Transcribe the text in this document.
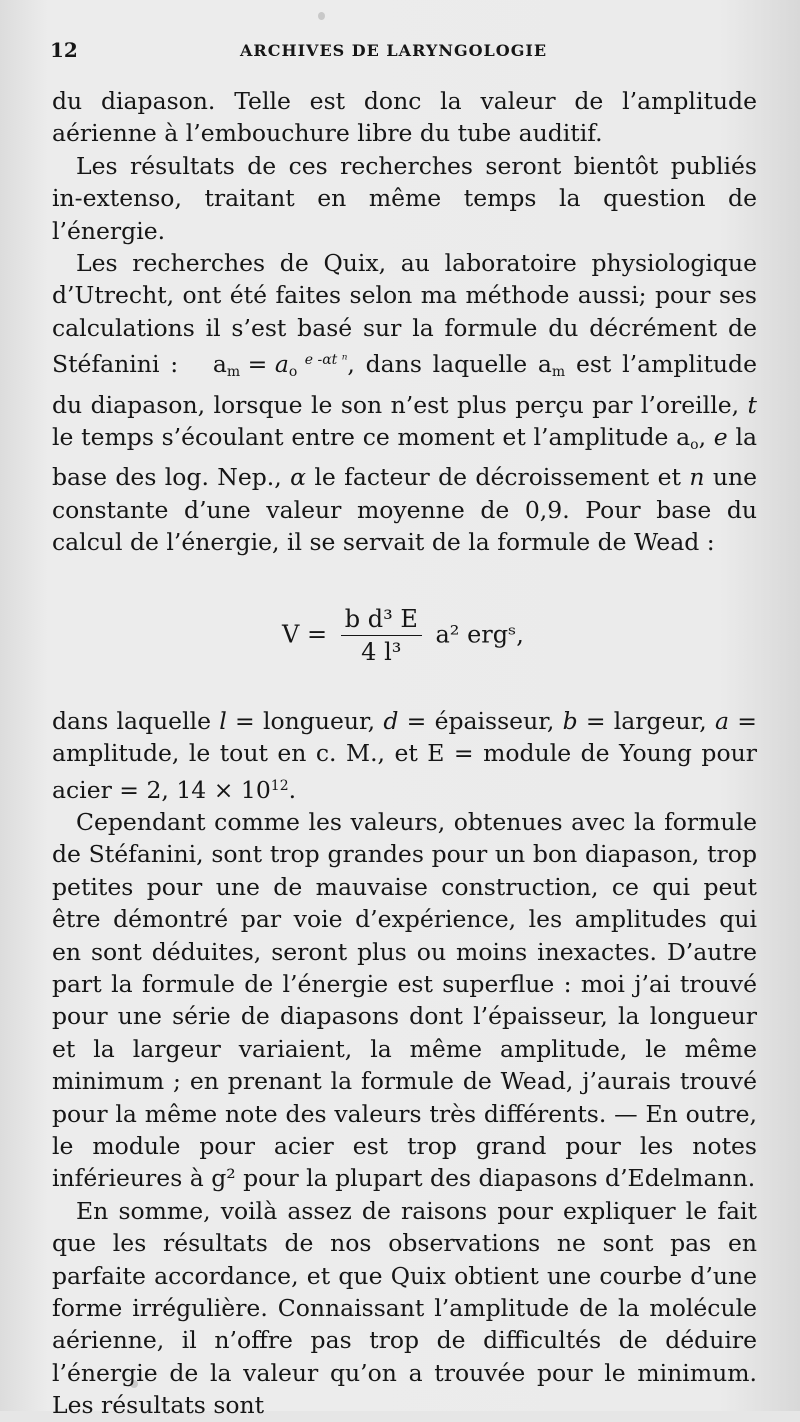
12	ARCHIVES DE LARYNGOLOGIE

du diapason. Telle est donc la valeur de l’amplitude aérienne à l’embouchure libre du tube auditif.

Les résultats de ces recherches seront bientôt publiés in-extenso, traitant en même temps la question de l’énergie.

Les recherches de Quix, au laboratoire physiologique d’Utrecht, ont été faites selon ma méthode aussi; pour ses calculations il s’est basé sur la formule du décrément de Stéfanini : $a_m = a_o$ $^{e -\alpha t ^n}$, dans laquelle $a_m$ est l’amplitude du diapason, lorsque le son n’est plus perçu par l’oreille, t le temps s’écoulant entre ce moment et l’amplitude $a_o$, e la base des log. Nep., α le facteur de décroissement et n une constante d’une valeur moyenne de 0,9. Pour base du calcul de l’énergie, il se servait de la formule de Wead :

$V = \frac{\text{b d³ E}}{\text{4 l³}} a^2$ ergˢ,

dans laquelle l = longueur, d = épaisseur, b = largeur, a = amplitude, le tout en c. M., et E = module de Young pour acier = 2, $14 \times 10^{12}$.

Cependant comme les valeurs, obtenues avec la formule de Stéfanini, sont trop grandes pour un bon diapason, trop petites pour une de mauvaise construction, ce qui peut être démontré par voie d’expérience, les amplitudes qui en sont déduites, seront plus ou moins inexactes. D’autre part la formule de l’énergie est superflue : moi j’ai trouvé pour une série de diapasons dont l’épaisseur, la longueur et la largeur variaient, la même amplitude, le même minimum ; en prenant la formule de Wead, j’aurais trouvé pour la même note des valeurs très différents. — En outre, le module pour acier est trop grand pour les notes inférieures à g² pour la plupart des diapasons d’Edelmann.

En somme, voilà assez de raisons pour expliquer le fait que les résultats de nos observations ne sont pas en parfaite accordance, et que Quix obtient une courbe d’une forme irrégulière. Connaissant l’amplitude de la molécule aérienne, il n’offre pas trop de difficultés de déduire l’énergie de la valeur qu’on a trouvée pour le minimum. Les résultats sont
